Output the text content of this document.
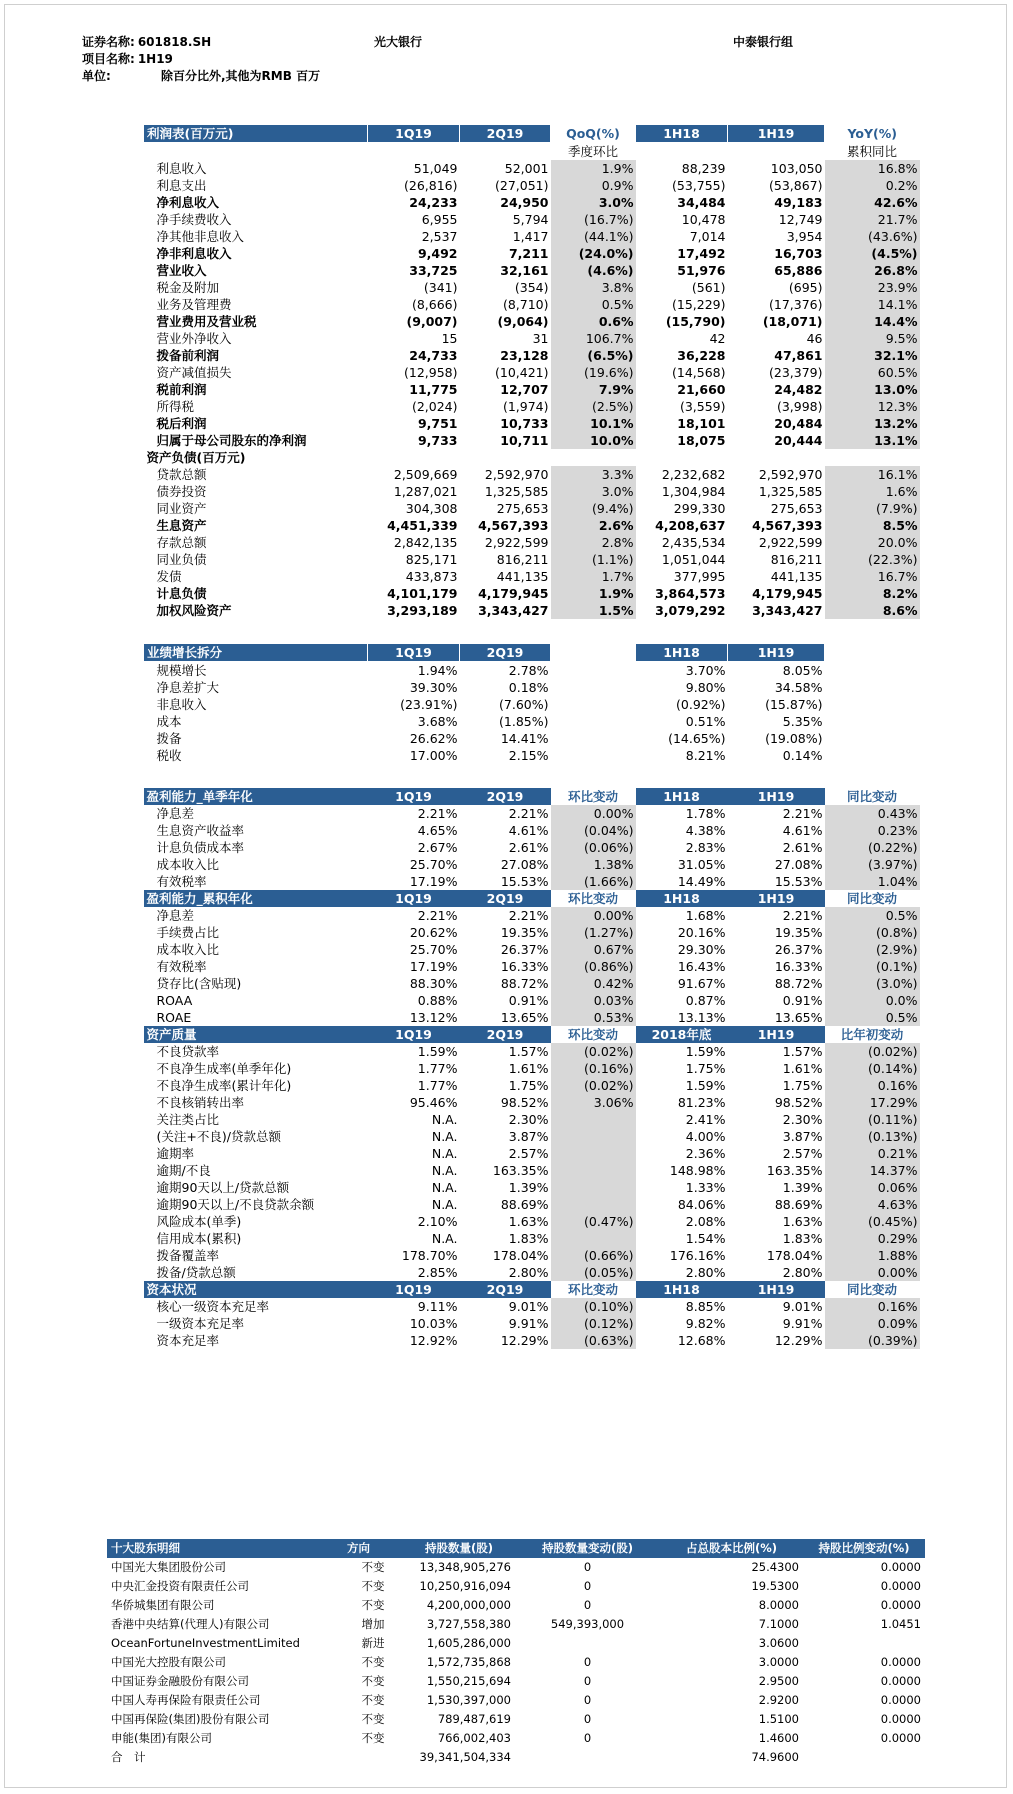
证券名称: 601818.SH
项目名称: 1H19
单位:	除百分比外,其他为RMB 百万
光大银行	中泰银行组
利润表(百万元)	1Q19	2Q19	QoQ(%)	1H18	1H19	YoY(%)
			季度环比			累积同比
利息收入	51,049	52,001	1.9%	88,239	103,050	16.8%
利息支出	(26,816)	(27,051)	0.9%	(53,755)	(53,867)	0.2%
净利息收入	24,233	24,950	3.0%	34,484	49,183	42.6%
净手续费收入	6,955	5,794	(16.7%)	10,478	12,749	21.7%
净其他非息收入	2,537	1,417	(44.1%)	7,014	3,954	(43.6%)
净非利息收入	9,492	7,211	(24.0%)	17,492	16,703	(4.5%)
营业收入	33,725	32,161	(4.6%)	51,976	65,886	26.8%
税金及附加	(341)	(354)	3.8%	(561)	(695)	23.9%
业务及管理费	(8,666)	(8,710)	0.5%	(15,229)	(17,376)	14.1%
营业费用及营业税	(9,007)	(9,064)	0.6%	(15,790)	(18,071)	14.4%
营业外净收入	15	31	106.7%	42	46	9.5%
拨备前利润	24,733	23,128	(6.5%)	36,228	47,861	32.1%
资产减值损失	(12,958)	(10,421)	(19.6%)	(14,568)	(23,379)	60.5%
税前利润	11,775	12,707	7.9%	21,660	24,482	13.0%
所得税	(2,024)	(1,974)	(2.5%)	(3,559)	(3,998)	12.3%
税后利润	9,751	10,733	10.1%	18,101	20,484	13.2%
归属于母公司股东的净利润	9,733	10,711	10.0%	18,075	20,444	13.1%
资产负债(百万元)						
贷款总额	2,509,669	2,592,970	3.3%	2,232,682	2,592,970	16.1%
债券投资	1,287,021	1,325,585	3.0%	1,304,984	1,325,585	1.6%
同业资产	304,308	275,653	(9.4%)	299,330	275,653	(7.9%)
生息资产	4,451,339	4,567,393	2.6%	4,208,637	4,567,393	8.5%
存款总额	2,842,135	2,922,599	2.8%	2,435,534	2,922,599	20.0%
同业负债	825,171	816,211	(1.1%)	1,051,044	816,211	(22.3%)
发债	433,873	441,135	1.7%	377,995	441,135	16.7%
计息负债	4,101,179	4,179,945	1.9%	3,864,573	4,179,945	8.2%
加权风险资产	3,293,189	3,343,427	1.5%	3,079,292	3,343,427	8.6%

业绩增长拆分	1Q19	2Q19		1H18	1H19	
规模增长	1.94%	2.78%		3.70%	8.05%	
净息差扩大	39.30%	0.18%		9.80%	34.58%	
非息收入	(23.91%)	(7.60%)		(0.92%)	(15.87%)	
成本	3.68%	(1.85%)		0.51%	5.35%	
拨备	26.62%	14.41%		(14.65%)	(19.08%)	
税收	17.00%	2.15%		8.21%	0.14%	

盈利能力_单季年化	1Q19	2Q19	环比变动	1H18	1H19	同比变动
净息差	2.21%	2.21%	0.00%	1.78%	2.21%	0.43%
生息资产收益率	4.65%	4.61%	(0.04%)	4.38%	4.61%	0.23%
计息负债成本率	2.67%	2.61%	(0.06%)	2.83%	2.61%	(0.22%)
成本收入比	25.70%	27.08%	1.38%	31.05%	27.08%	(3.97%)
有效税率	17.19%	15.53%	(1.66%)	14.49%	15.53%	1.04%
盈利能力_累积年化	1Q19	2Q19	环比变动	1H18	1H19	同比变动
净息差	2.21%	2.21%	0.00%	1.68%	2.21%	0.5%
手续费占比	20.62%	19.35%	(1.27%)	20.16%	19.35%	(0.8%)
成本收入比	25.70%	26.37%	0.67%	29.30%	26.37%	(2.9%)
有效税率	17.19%	16.33%	(0.86%)	16.43%	16.33%	(0.1%)
贷存比(含贴现)	88.30%	88.72%	0.42%	91.67%	88.72%	(3.0%)
ROAA	0.88%	0.91%	0.03%	0.87%	0.91%	0.0%
ROAE	13.12%	13.65%	0.53%	13.13%	13.65%	0.5%
资产质量	1Q19	2Q19	环比变动	2018年底	1H19	比年初变动
不良贷款率	1.59%	1.57%	(0.02%)	1.59%	1.57%	(0.02%)
不良净生成率(单季年化)	1.77%	1.61%	(0.16%)	1.75%	1.61%	(0.14%)
不良净生成率(累计年化)	1.77%	1.75%	(0.02%)	1.59%	1.75%	0.16%
不良核销转出率	95.46%	98.52%	3.06%	81.23%	98.52%	17.29%
关注类占比	N.A.	2.30%		2.41%	2.30%	(0.11%)
(关注+不良)/贷款总额	N.A.	3.87%		4.00%	3.87%	(0.13%)
逾期率	N.A.	2.57%		2.36%	2.57%	0.21%
逾期/不良	N.A.	163.35%		148.98%	163.35%	14.37%
逾期90天以上/贷款总额	N.A.	1.39%		1.33%	1.39%	0.06%
逾期90天以上/不良贷款余额	N.A.	88.69%		84.06%	88.69%	4.63%
风险成本(单季)	2.10%	1.63%	(0.47%)	2.08%	1.63%	(0.45%)
信用成本(累积)	N.A.	1.83%		1.54%	1.83%	0.29%
拨备覆盖率	178.70%	178.04%	(0.66%)	176.16%	178.04%	1.88%
拨备/贷款总额	2.85%	2.80%	(0.05%)	2.80%	2.80%	0.00%
资本状况	1Q19	2Q19	环比变动	1H18	1H19	同比变动
核心一级资本充足率	9.11%	9.01%	(0.10%)	8.85%	9.01%	0.16%
一级资本充足率	10.03%	9.91%	(0.12%)	9.82%	9.91%	0.09%
资本充足率	12.92%	12.29%	(0.63%)	12.68%	12.29%	(0.39%)
十大股东明细	方向	持股数量(股)	持股数量变动(股)	占总股本比例(%)	持股比例变动(%)
中国光大集团股份公司	不变	13,348,905,276	0	25.4300	0.0000
中央汇金投资有限责任公司	不变	10,250,916,094	0	19.5300	0.0000
华侨城集团有限公司	不变	4,200,000,000	0	8.0000	0.0000
香港中央结算(代理人)有限公司	增加	3,727,558,380	549,393,000	7.1000	1.0451
OceanFortuneInvestmentLimited	新进	1,605,286,000		3.0600	
中国光大控股有限公司	不变	1,572,735,868	0	3.0000	0.0000
中国证券金融股份有限公司	不变	1,550,215,694	0	2.9500	0.0000
中国人寿再保险有限责任公司	不变	1,530,397,000	0	2.9200	0.0000
中国再保险(集团)股份有限公司	不变	789,487,619	0	1.5100	0.0000
申能(集团)有限公司	不变	766,002,403	0	1.4600	0.0000
合　计		39,341,504,334		74.9600	
